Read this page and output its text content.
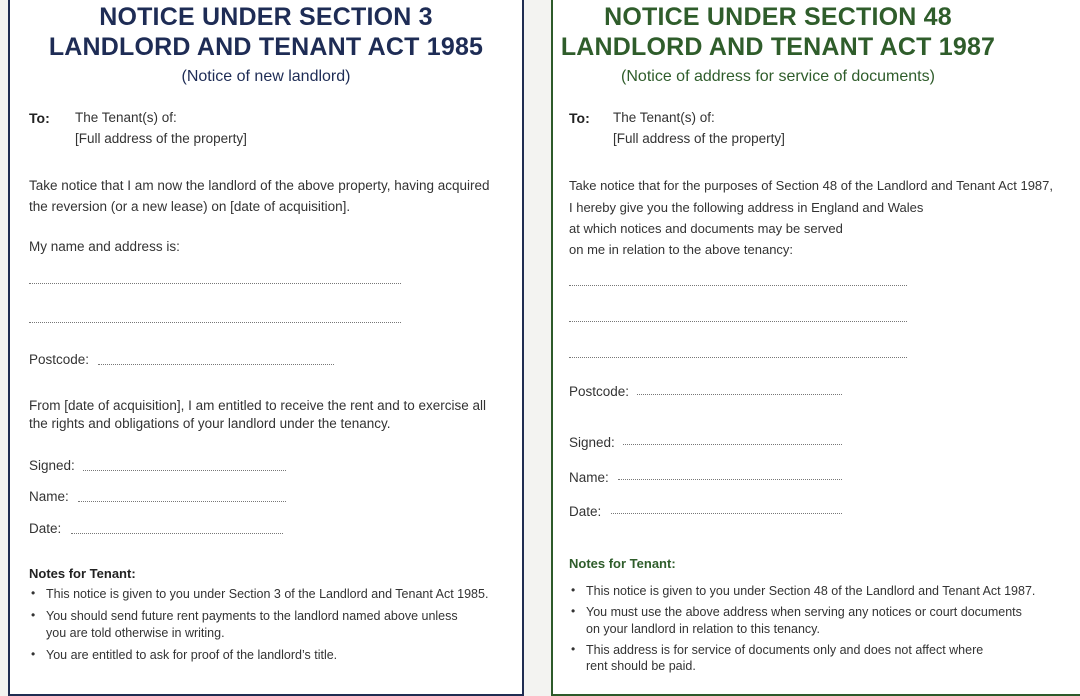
NOTICE UNDER SECTION 3
LANDLORD AND TENANT ACT 1985
(Notice of new landlord)
To: The Tenant(s) of:
[Full address of the property]
Take notice that I am now the landlord of the above property, having acquired
the reversion (or a new lease) on [date of acquisition].
My name and address is:
Postcode:
From [date of acquisition], I am entitled to receive the rent and to exercise all
the rights and obligations of your landlord under the tenancy.
Signed:
Name:
Date:
Notes for Tenant:
• This notice is given to you under Section 3 of the Landlord and Tenant Act 1985.
• You should send future rent payments to the landlord named above unless
you are told otherwise in writing.
• You are entitled to ask for proof of the landlord’s title.
NOTICE UNDER SECTION 48
LANDLORD AND TENANT ACT 1987
(Notice of address for service of documents)
To: The Tenant(s) of:
[Full address of the property]
Take notice that for the purposes of Section 48 of the Landlord and Tenant Act 1987,
I hereby give you the following address in England and Wales
at which notices and documents may be served
on me in relation to the above tenancy:
Postcode:
Signed:
Name:
Date:
Notes for Tenant:
• This notice is given to you under Section 48 of the Landlord and Tenant Act 1987.
• You must use the above address when serving any notices or court documents
on your landlord in relation to this tenancy.
• This address is for service of documents only and does not affect where
rent should be paid.
